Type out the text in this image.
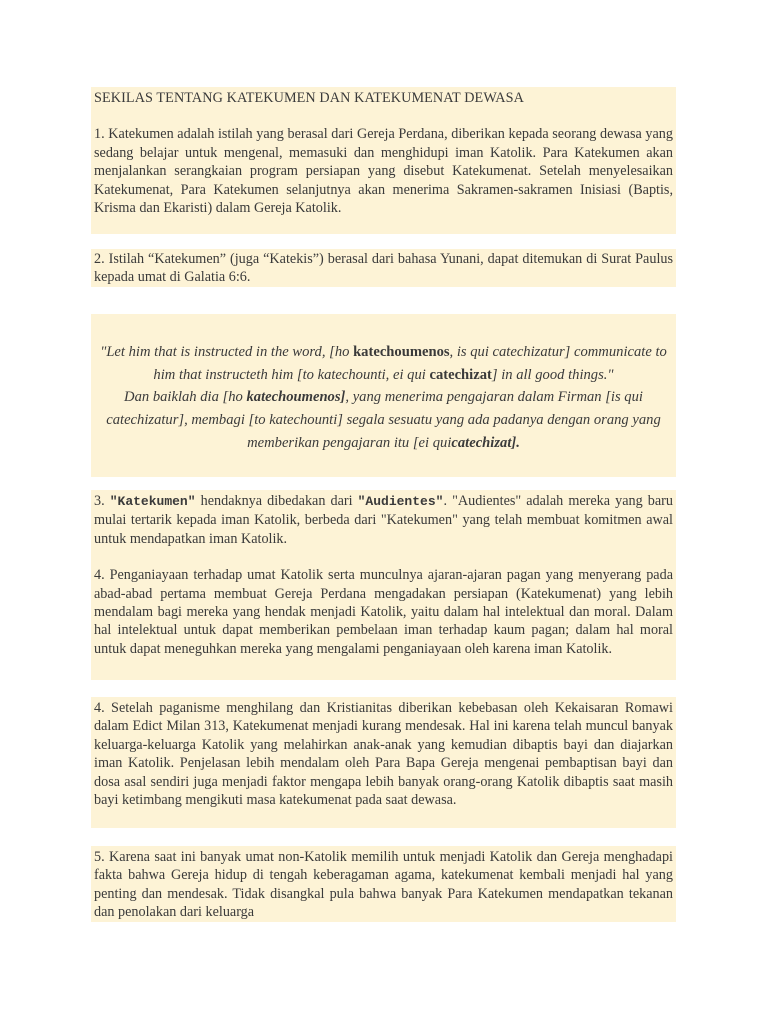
SEKILAS TENTANG KATEKUMEN DAN KATEKUMENAT DEWASA

1. Katekumen adalah istilah yang berasal dari Gereja Perdana, diberikan kepada seorang dewasa yang sedang belajar untuk mengenal, memasuki dan menghidupi iman Katolik. Para Katekumen akan menjalankan serangkaian program persiapan yang disebut Katekumenat. Setelah menyelesaikan Katekumenat, Para Katekumen selanjutnya akan menerima Sakramen-sakramen Inisiasi (Baptis, Krisma dan Ekaristi) dalam Gereja Katolik.

2. Istilah “Katekumen” (juga “Katekis”) berasal dari bahasa Yunani, dapat ditemukan di Surat Paulus kepada umat di Galatia 6:6.

"Let him that is instructed in the word, [ho katechoumenos, is qui catechizatur] communicate to him that instructeth him [to katechounti, ei qui catechizat] in all good things."

Dan baiklah dia [ho katechoumenos], yang menerima pengajaran dalam Firman [is qui catechizatur], membagi [to katechounti] segala sesuatu yang ada padanya dengan orang yang memberikan pengajaran itu [ei quicatechizat].

3. "Katekumen" hendaknya dibedakan dari "Audientes". "Audientes" adalah mereka yang baru mulai tertarik kepada iman Katolik, berbeda dari "Katekumen" yang telah membuat komitmen awal untuk mendapatkan iman Katolik.

4. Penganiayaan terhadap umat Katolik serta munculnya ajaran-ajaran pagan yang menyerang pada abad-abad pertama membuat Gereja Perdana mengadakan persiapan (Katekumenat) yang lebih mendalam bagi mereka yang hendak menjadi Katolik, yaitu dalam hal intelektual dan moral. Dalam hal intelektual untuk dapat memberikan pembelaan iman terhadap kaum pagan; dalam hal moral untuk dapat meneguhkan mereka yang mengalami penganiayaan oleh karena iman Katolik.

4. Setelah paganisme menghilang dan Kristianitas diberikan kebebasan oleh Kekaisaran Romawi dalam Edict Milan 313, Katekumenat menjadi kurang mendesak. Hal ini karena telah muncul banyak keluarga-keluarga Katolik yang melahirkan anak-anak yang kemudian dibaptis bayi dan diajarkan iman Katolik. Penjelasan lebih mendalam oleh Para Bapa Gereja mengenai pembaptisan bayi dan dosa asal sendiri juga menjadi faktor mengapa lebih banyak orang-orang Katolik dibaptis saat masih bayi ketimbang mengikuti masa katekumenat pada saat dewasa.

5. Karena saat ini banyak umat non-Katolik memilih untuk menjadi Katolik dan Gereja menghadapi fakta bahwa Gereja hidup di tengah keberagaman agama, katekumenat kembali menjadi hal yang penting dan mendesak. Tidak disangkal pula bahwa banyak Para Katekumen mendapatkan tekanan dan penolakan dari keluarga
